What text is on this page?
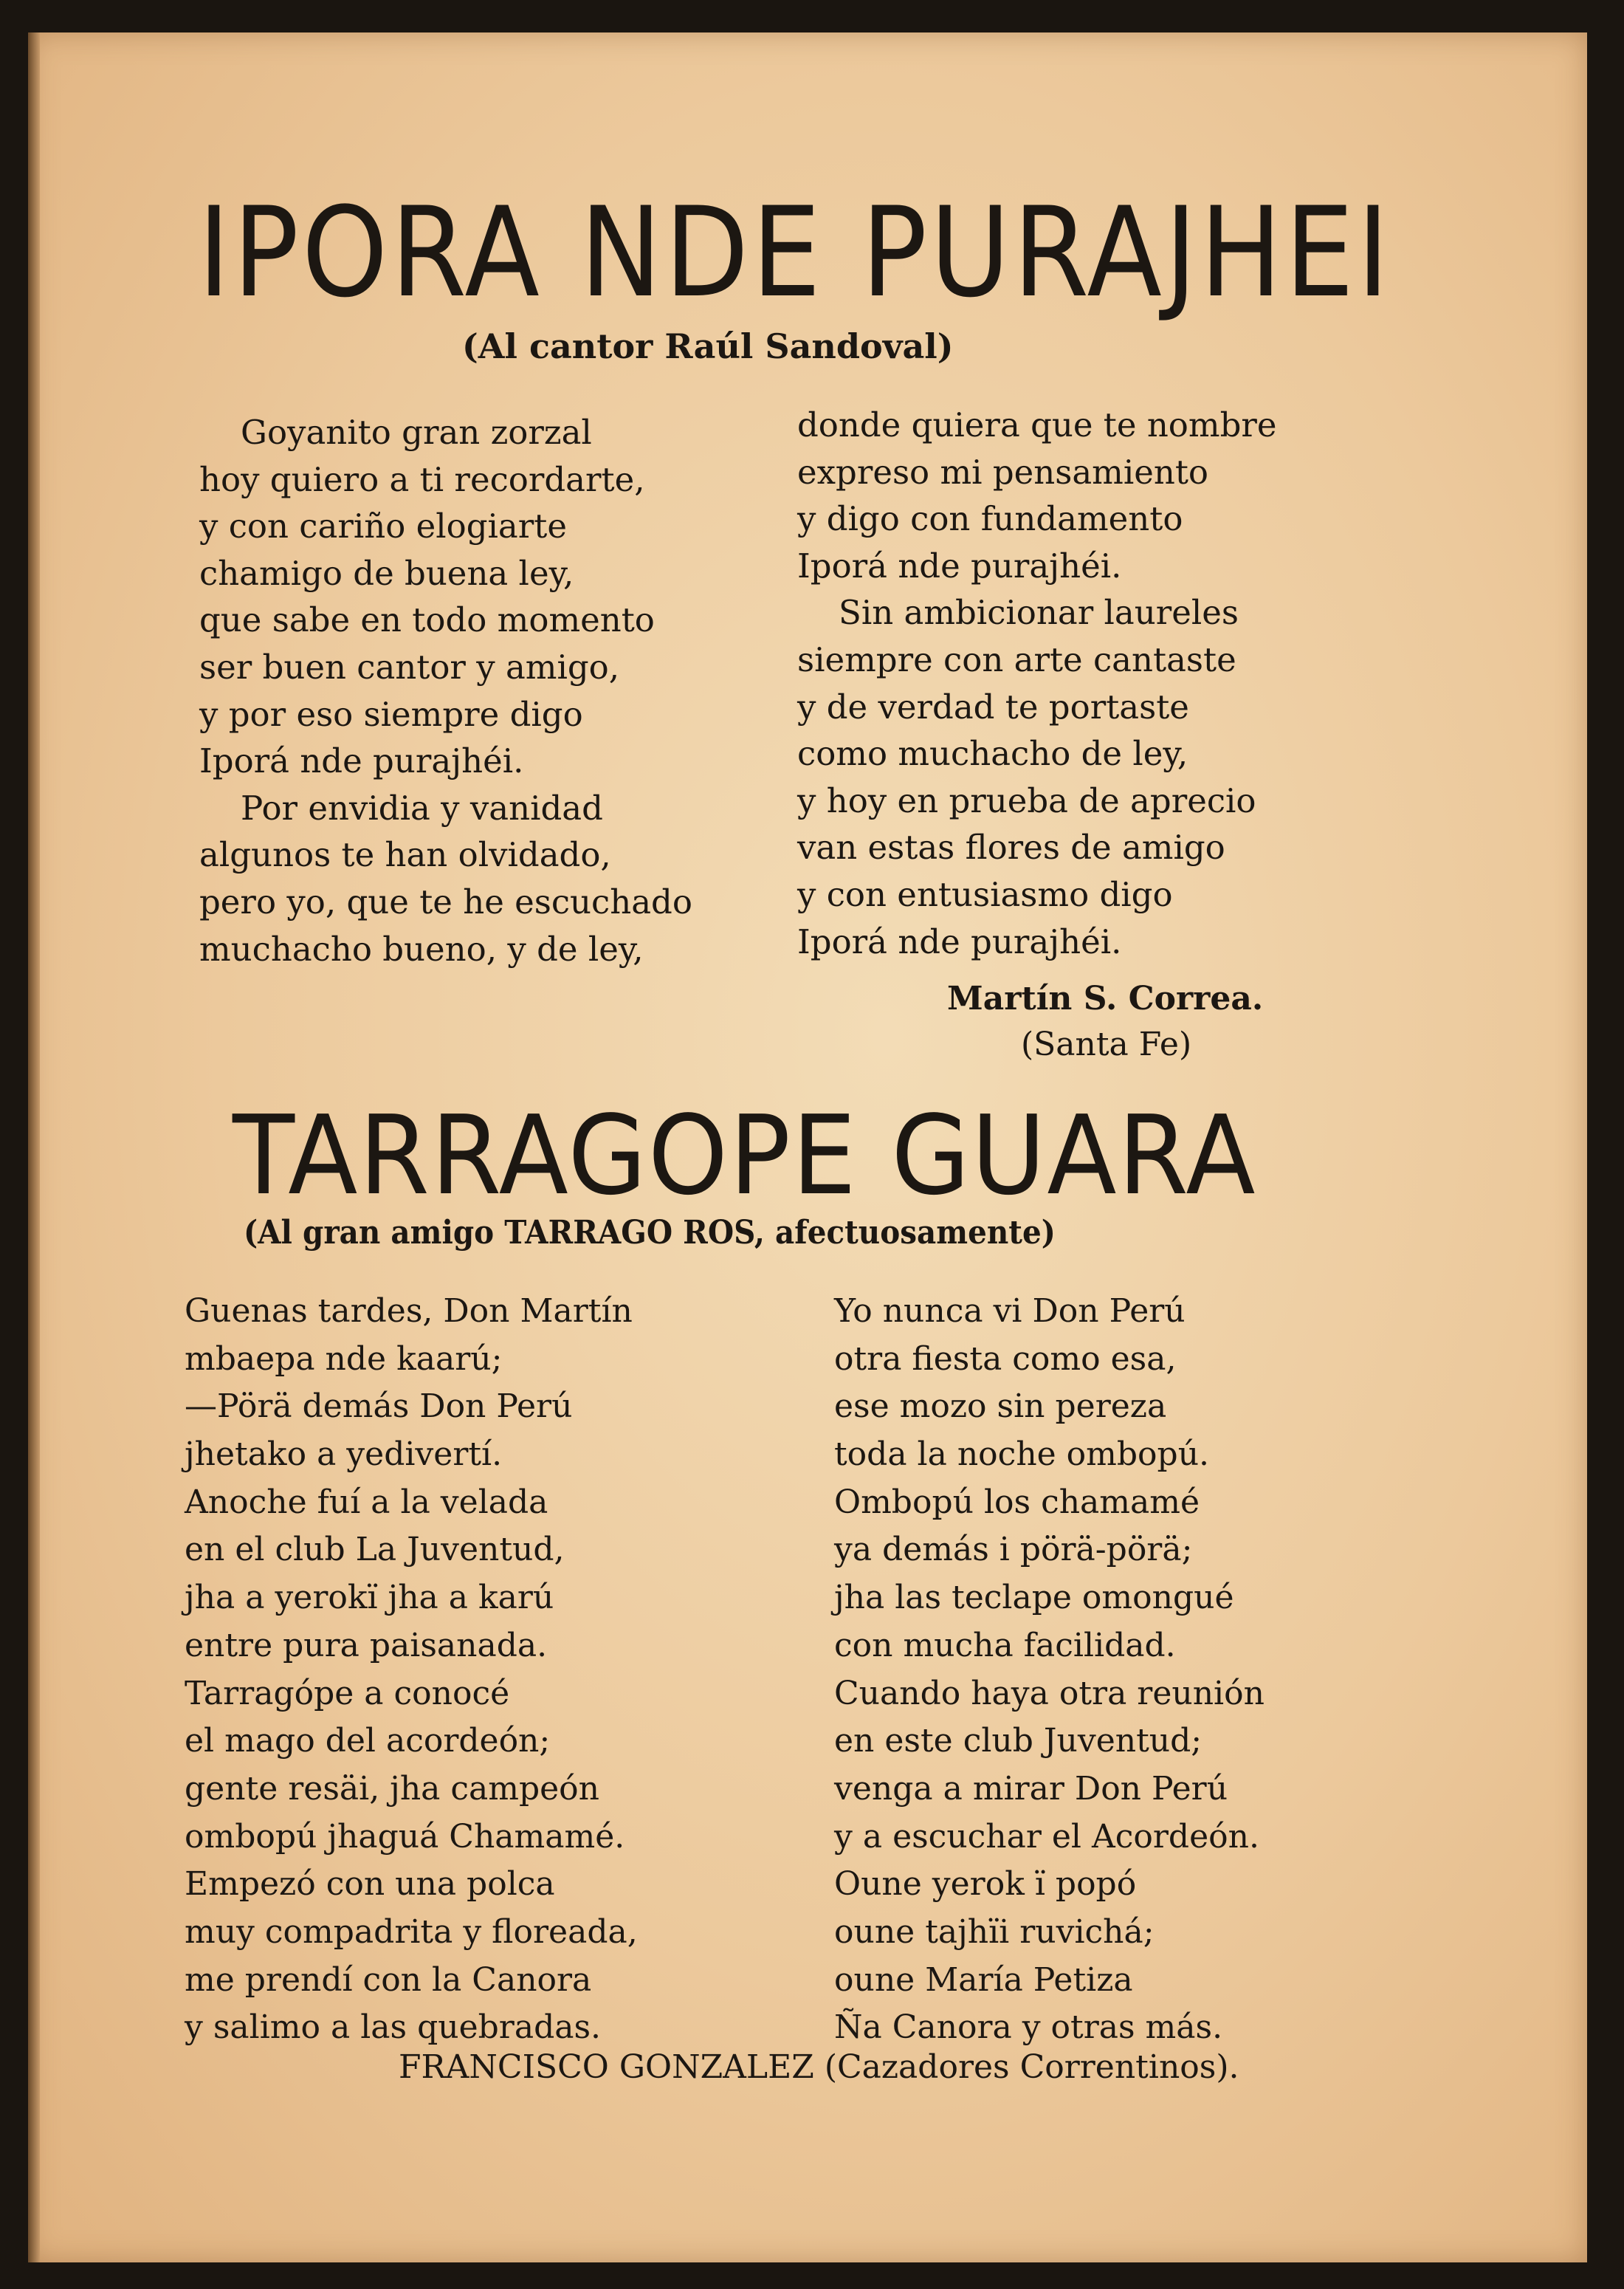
IPORA NDE PURAJHEI
(Al cantor Raúl Sandoval)
Goyanito gran zorzal
hoy quiero a ti recordarte,
y con cariño elogiarte
chamigo de buena ley,
que sabe en todo momento
ser buen cantor y amigo,
y por eso siempre digo
Iporá nde purajhéi.
Por envidia y vanidad
algunos te han olvidado,
pero yo, que te he escuchado
muchacho bueno, y de ley,
donde quiera que te nombre
expreso mi pensamiento
y digo con fundamento
Iporá nde purajhéi.
Sin ambicionar laureles
siempre con arte cantaste
y de verdad te portaste
como muchacho de ley,
y hoy en prueba de aprecio
van estas flores de amigo
y con entusiasmo digo
Iporá nde purajhéi.
Martín S. Correa.
(Santa Fe)
TARRAGOPE GUARA
(Al gran amigo TARRAGO ROS, afectuosamente)
Guenas tardes, Don Martín
mbaepa nde kaarú;
—Pörä demás Don Perú
jhetako a yedivertí.
Anoche fuí a la velada
en el club La Juventud,
jha a yerokï jha a karú
entre pura paisanada.
Tarragópe a conocé
el mago del acordeón;
gente resäi, jha campeón
ombopú jhaguá Chamamé.
Empezó con una polca
muy compadrita y floreada,
me prendí con la Canora
y salimo a las quebradas.
Yo nunca vi Don Perú
otra fiesta como esa,
ese mozo sin pereza
toda la noche ombopú.
Ombopú los chamamé
ya demás i pörä-pörä;
jha las teclape omongué
con mucha facilidad.
Cuando haya otra reunión
en este club Juventud;
venga a mirar Don Perú
y a escuchar el Acordeón.
Oune yerok ï popó
oune tajhïi ruvichá;
oune María Petiza
Ña Canora y otras más.
FRANCISCO GONZALEZ (Cazadores Correntinos).
